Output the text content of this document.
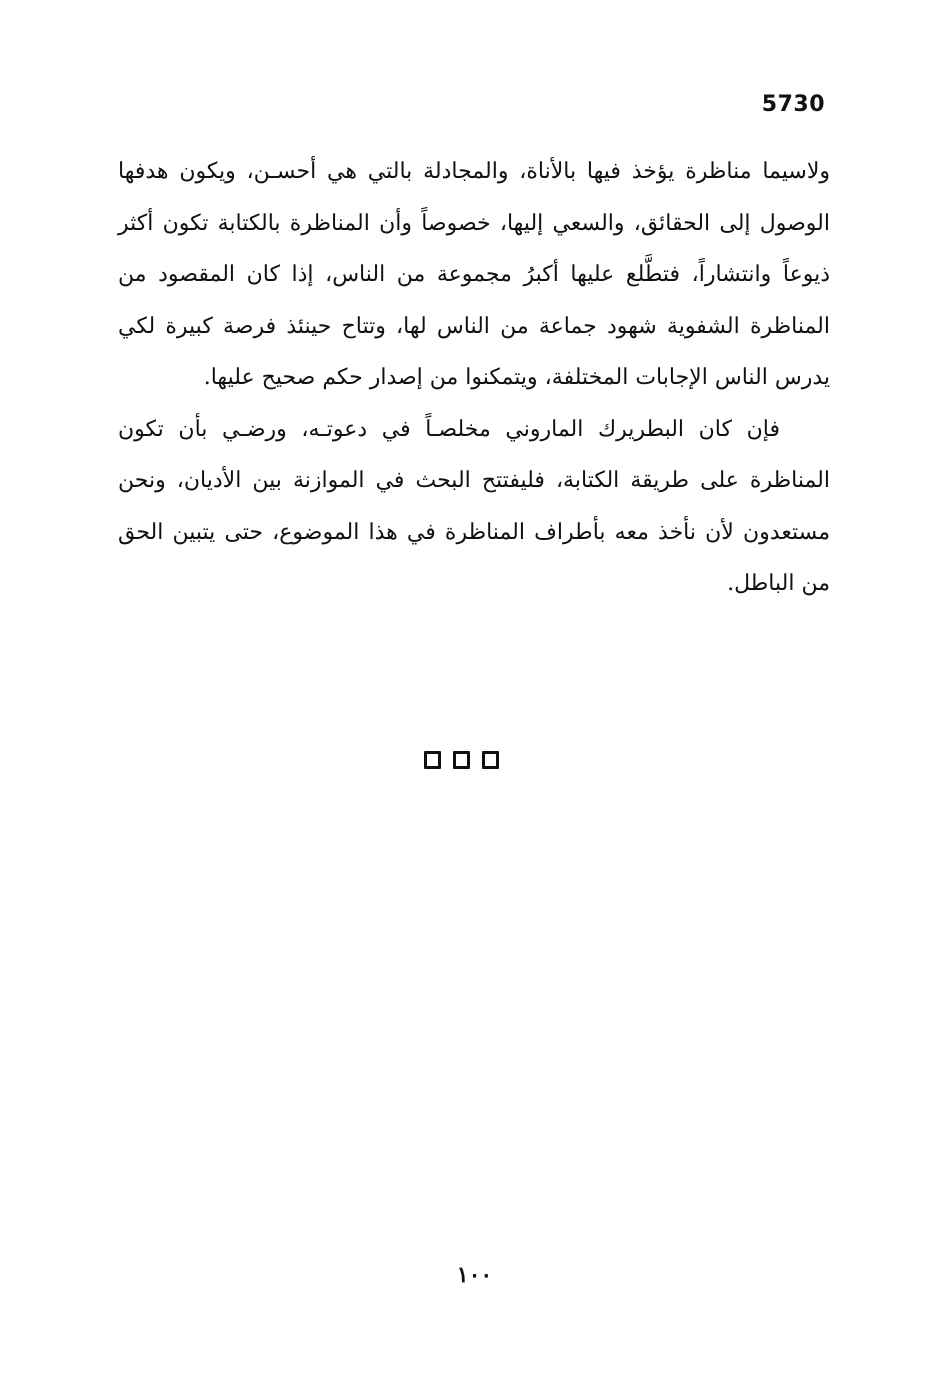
5730

ولاسيما مناظرة يؤخذ فيها بالأناة، والمجادلة بالتي هي أحسـن، ويكون هدفها الوصول إلى الحقائق، والسعي إليها، خصوصاً وأن المناظرة بالكتابة تكون أكثر ذيوعاً وانتشاراً، فتطَّلع عليها أكبرُ مجموعة من الناس، إذا كان المقصود من المناظرة الشفوية شهود جماعة من الناس لها، وتتاح حينئذ فرصة كبيرة لكي يدرس الناس الإجابات المختلفة، ويتمكنوا من إصدار حكم صحيح عليها.

فإن كان البطريرك الماروني مخلصـاً في دعوتـه، ورضـي بأن تكون المناظرة على طريقة الكتابة، فليفتتح البحث في الموازنة بين الأديان، ونحن مستعدون لأن نأخذ معه بأطراف المناظرة في هذا الموضوع، حتى يتبين الحق من الباطل.

١٠٠
